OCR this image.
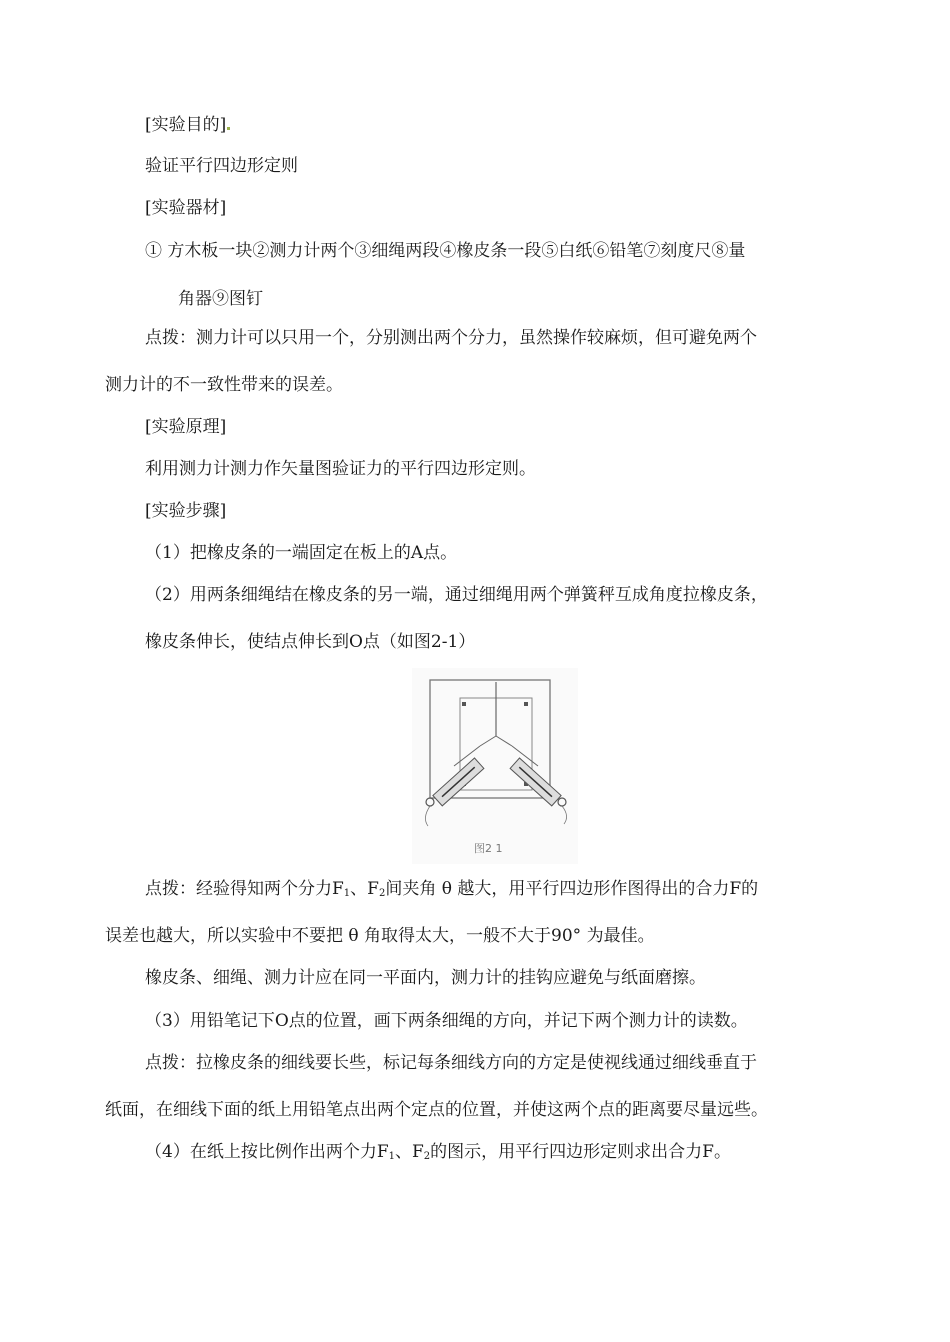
[实验目的]
验证平行四边形定则
[实验器材]
① 方木板一块②测力计两个③细绳两段④橡皮条一段⑤白纸⑥铅笔⑦刻度尺⑧量
角器⑨图钉
点拨：测力计可以只用一个，分别测出两个分力，虽然操作较麻烦，但可避免两个
测力计的不一致性带来的误差。
[实验原理]
利用测力计测力作矢量图验证力的平行四边形定则。
[实验步骤]
（1）把橡皮条的一端固定在板上的A点。
（2）用两条细绳结在橡皮条的另一端，通过细绳用两个弹簧秤互成角度拉橡皮条，
橡皮条伸长，使结点伸长到O点（如图2-1）
图2 1
点拨：经验得知两个分力$F_1$、$F_2$间夹角 θ 越大，用平行四边形作图得出的合力F的
误差也越大，所以实验中不要把 θ 角取得太大，一般不大于90° 为最佳。
橡皮条、细绳、测力计应在同一平面内，测力计的挂钩应避免与纸面磨擦。
（3）用铅笔记下O点的位置，画下两条细绳的方向，并记下两个测力计的读数。
点拨：拉橡皮条的细线要长些，标记每条细线方向的方定是使视线通过细线垂直于
纸面，在细线下面的纸上用铅笔点出两个定点的位置，并使这两个点的距离要尽量远些。
（4）在纸上按比例作出两个力$F_1$、$F_2$的图示，用平行四边形定则求出合力F。
